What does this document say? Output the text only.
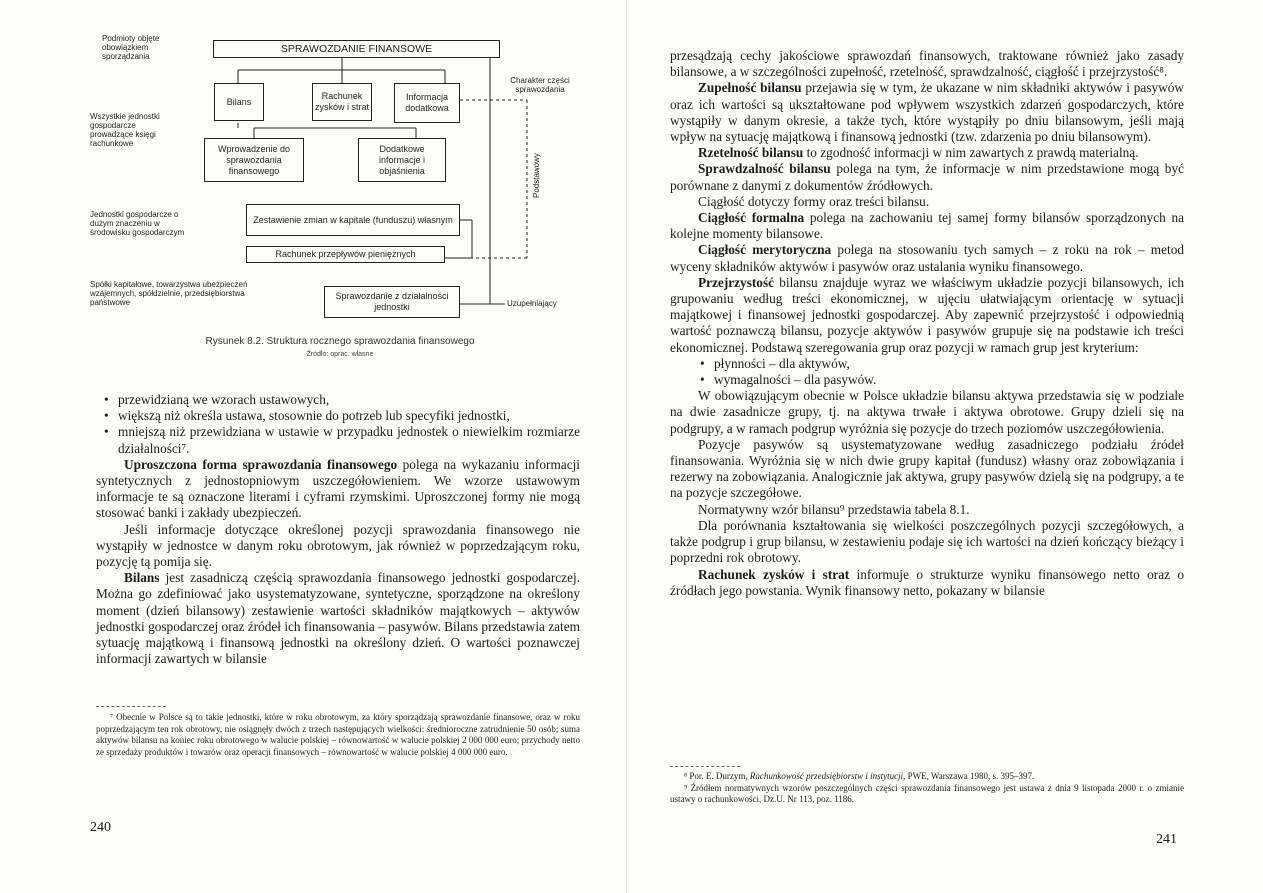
Podmioty objęte obowiązkiem sporządzania
Wszystkie jednostki gospodarcze prowadzące księgi rachunkowe
Jednostki gospodarcze o dużym znaczeniu w środowisku gospodarczym
Spółki kapitałowe, towarzystwa ubezpieczeń wzajemnych, spółdzielnie, przedsiębiorstwa państwowe
Charakter części sprawozdania
Podstawowy
Uzupełniający
SPRAWOZDANIE FINANSOWE
Bilans
Rachunek zysków i strat
Informacja dodatkowa
Wprowadzenie do sprawozdania finansowego
Dodatkowe informacje i objaśnienia
Zestawienie zmian w kapitale (funduszu) własnym
Rachunek przepływów pieniężnych
Sprawozdanie z działalności jednostki
Rysunek 8.2. Struktura rocznego sprawozdania finansowego
Źródło: oprac. własne
• przewidzianą we wzorach ustawowych,
• większą niż określa ustawa, stosownie do potrzeb lub specyfiki jednostki,
• mniejszą niż przewidziana w ustawie w przypadku jednostek o niewielkim rozmiarze działalności⁷.

Uproszczona forma sprawozdania finansowego polega na wykazaniu informacji syntetycznych z jednostopniowym uszczegółowieniem. We wzorze ustawowym informacje te są oznaczone literami i cyframi rzymskimi. Uproszczonej formy nie mogą stosować banki i zakłady ubezpieczeń.

Jeśli informacje dotyczące określonej pozycji sprawozdania finansowego nie wystąpiły w jednostce w danym roku obrotowym, jak również w poprzedzającym roku, pozycję tą pomija się.

Bilans jest zasadniczą częścią sprawozdania finansowego jednostki gospodarczej. Można go zdefiniować jako usystematyzowane, syntetyczne, sporządzone na określony moment (dzień bilansowy) zestawienie wartości składników majątkowych – aktywów jednostki gospodarczej oraz źródeł ich finansowania – pasywów. Bilans przedstawia zatem sytuację majątkową i finansową jednostki na określony dzień. O wartości poznawczej informacji zawartych w bilansie

⁷ Obecnie w Polsce są to takie jednostki, które w roku obrotowym, za który sporządzają sprawozdanie finansowe, oraz w roku poprzedzającym ten rok obrotowy, nie osiągnęły dwóch z trzech następujących wielkości: średnioroczne zatrudnienie 50 osób; suma aktywów bilansu na koniec roku obrotowego w walucie polskiej – równowartość w walucie polskiej 2 000 000 euro; przychody netto ze sprzedaży produktów i towarów oraz operacji finansowych – równowartość w walucie polskiej 4 000 000 euro.

240

przesądzają cechy jakościowe sprawozdań finansowych, traktowane również jako zasady bilansowe, a w szczególności zupełność, rzetelność, sprawdzalność, ciągłość i przejrzystość⁸.

Zupełność bilansu przejawia się w tym, że ukazane w nim składniki aktywów i pasywów oraz ich wartości są ukształtowane pod wpływem wszystkich zdarzeń gospodarczych, które wystąpiły w danym okresie, a także tych, które wystąpiły po dniu bilansowym, jeśli mają wpływ na sytuację majątkową i finansową jednostki (tzw. zdarzenia po dniu bilansowym).

Rzetelność bilansu to zgodność informacji w nim zawartych z prawdą materialną.

Sprawdzalność bilansu polega na tym, że informacje w nim przedstawione mogą być porównane z danymi z dokumentów źródłowych.

Ciągłość dotyczy formy oraz treści bilansu.

Ciągłość formalna polega na zachowaniu tej samej formy bilansów sporządzonych na kolejne momenty bilansowe.

Ciągłość merytoryczna polega na stosowaniu tych samych – z roku na rok – metod wyceny składników aktywów i pasywów oraz ustalania wyniku finansowego.

Przejrzystość bilansu znajduje wyraz we właściwym układzie pozycji bilansowych, ich grupowaniu według treści ekonomicznej, w ujęciu ułatwiającym orientację w sytuacji majątkowej i finansowej jednostki gospodarczej. Aby zapewnić przejrzystość i odpowiednią wartość poznawczą bilansu, pozycje aktywów i pasywów grupuje się na podstawie ich treści ekonomicznej. Podstawą szeregowania grup oraz pozycji w ramach grup jest kryterium:

• płynności – dla aktywów,
• wymagalności – dla pasywów.

W obowiązującym obecnie w Polsce układzie bilansu aktywa przedstawia się w podziale na dwie zasadnicze grupy, tj. na aktywa trwałe i aktywa obrotowe. Grupy dzieli się na podgrupy, a w ramach podgrup wyróżnia się pozycje do trzech poziomów uszczegółowienia.

Pozycje pasywów są usystematyzowane według zasadniczego podziału źródeł finansowania. Wyróżnia się w nich dwie grupy kapitał (fundusz) własny oraz zobowiązania i rezerwy na zobowiązania. Analogicznie jak aktywa, grupy pasywów dzielą się na podgrupy, a te na pozycje szczegółowe.

Normatywny wzór bilansu⁹ przedstawia tabela 8.1.

Dla porównania kształtowania się wielkości poszczególnych pozycji szczegółowych, a także podgrup i grup bilansu, w zestawieniu podaje się ich wartości na dzień kończący bieżący i poprzedni rok obrotowy.

Rachunek zysków i strat informuje o strukturze wyniku finansowego netto oraz o źródłach jego powstania. Wynik finansowy netto, pokazany w bilansie

⁸ Por. E. Durzym, Rachunkowość przedsiębiorstw i instytucji, PWE, Warszawa 1980, s. 395–397.

⁹ Źródłem normatywnych wzorów poszczególnych części sprawozdania finansowego jest ustawa z dnia 9 listopada 2000 r. o zmianie ustawy o rachunkowości, Dz.U. Nr 113, poz. 1186.

241
